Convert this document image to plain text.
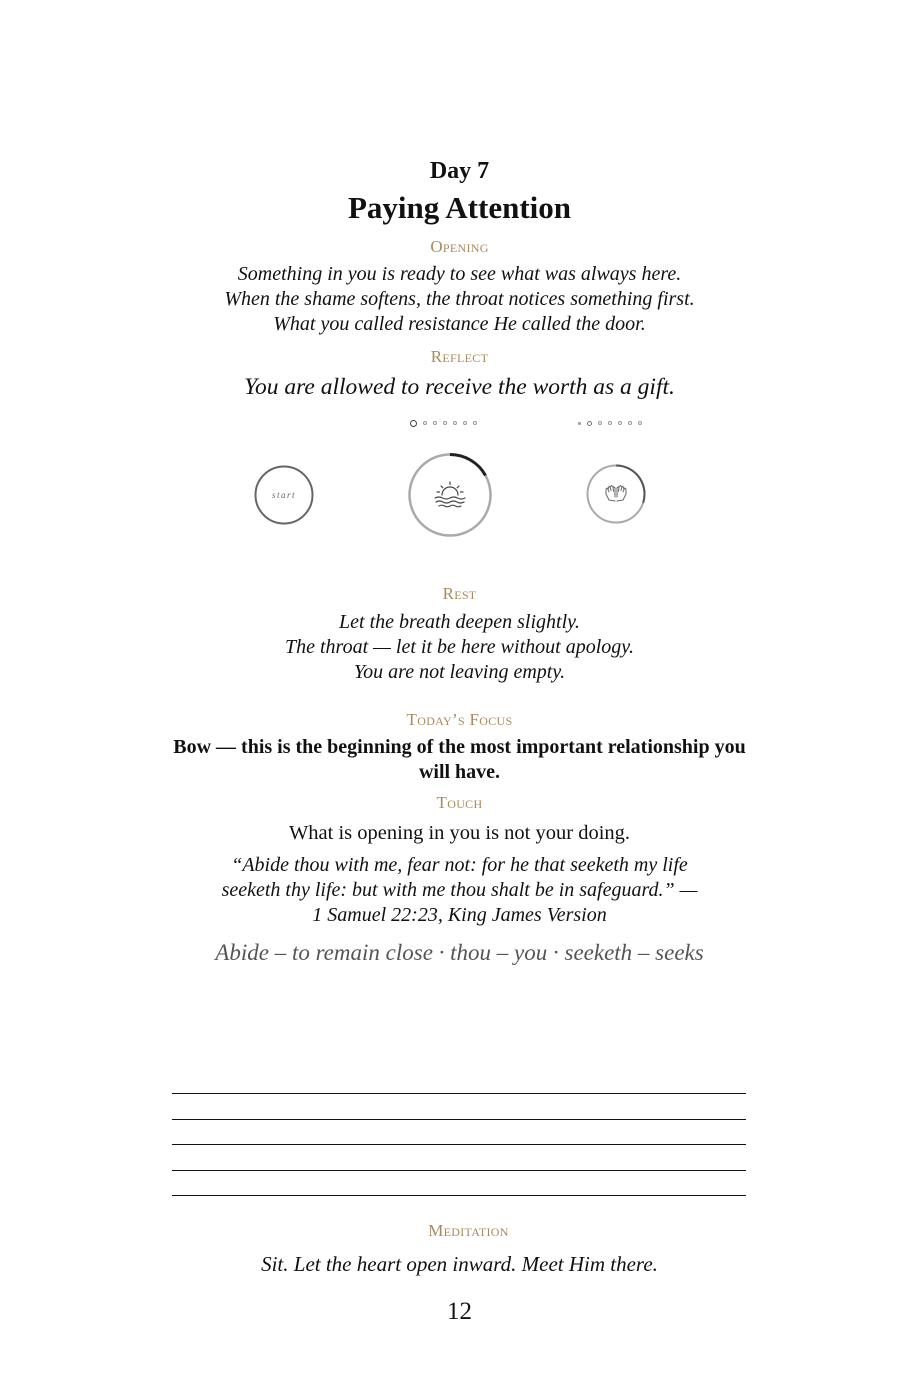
Day 7
Paying Attention
Opening
Something in you is ready to see what was always here.
When the shame softens, the throat notices something first.
What you called resistance He called the door.
Reflect
You are allowed to receive the worth as a gift.
start
Rest
Let the breath deepen slightly.
The throat — let it be here without apology.
You are not leaving empty.
Today’s Focus
Bow — this is the beginning of the most important relationship you will have.
Touch
What is opening in you is not your doing.
“Abide thou with me, fear not: for he that seeketh my life
seeketh thy life: but with me thou shalt be in safeguard.” —
1 Samuel 22:23, King James Version
Abide – to remain close · thou – you · seeketh – seeks
Meditation
Sit. Let the heart open inward. Meet Him there.
12
